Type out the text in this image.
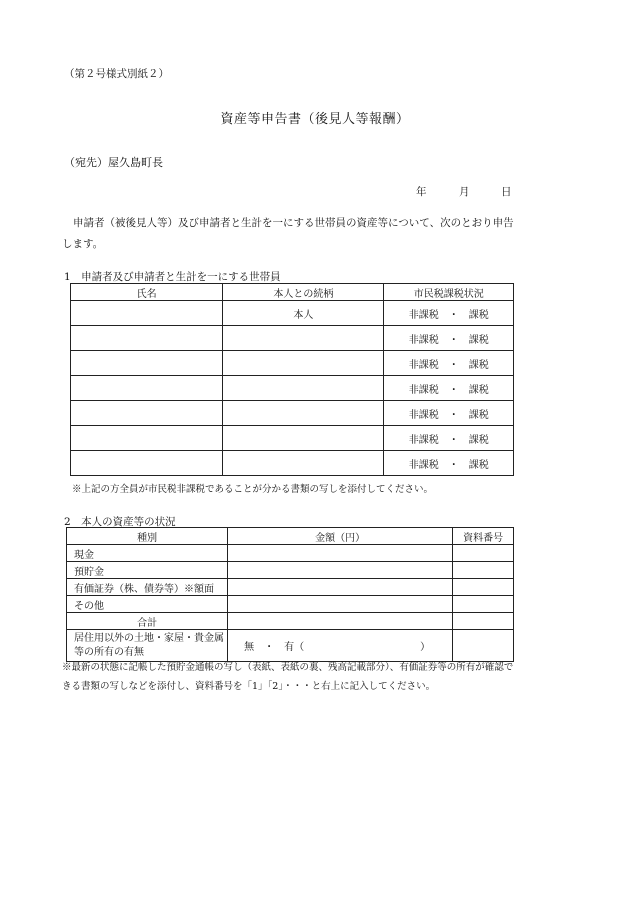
（第２号様式別紙２）
資産等申告書（後見人等報酬）
（宛先）屋久島町長
年	月	日
申請者（被後見人等）及び申請者と生計を一にする世帯員の資産等について、次のとおり申告します。
1　申請者及び申請者と生計を一にする世帯員
氏名	本人との続柄	市民税課税状況
	本人	非課税　・　課税
		非課税　・　課税
		非課税　・　課税
		非課税　・　課税
		非課税　・　課税
		非課税　・　課税
		非課税　・　課税
※上記の方全員が市民税非課税であることが分かる書類の写しを添付してください。
2　本人の資産等の状況
種別	金額（円）	資料番号
現金		
預貯金		
有価証券（株、債券等）※額面		
その他		
合計		
居住用以外の土地・家屋・貴金属等の所有の有無	無　・　有（ ）	

※最新の状態に記帳した預貯金通帳の写し（表紙、表紙の裏、残高記載部分）、有価証券等の所有が確認できる書類の写しなどを添付し、資料番号を「1」「2」・・・と右上に記入してください。
